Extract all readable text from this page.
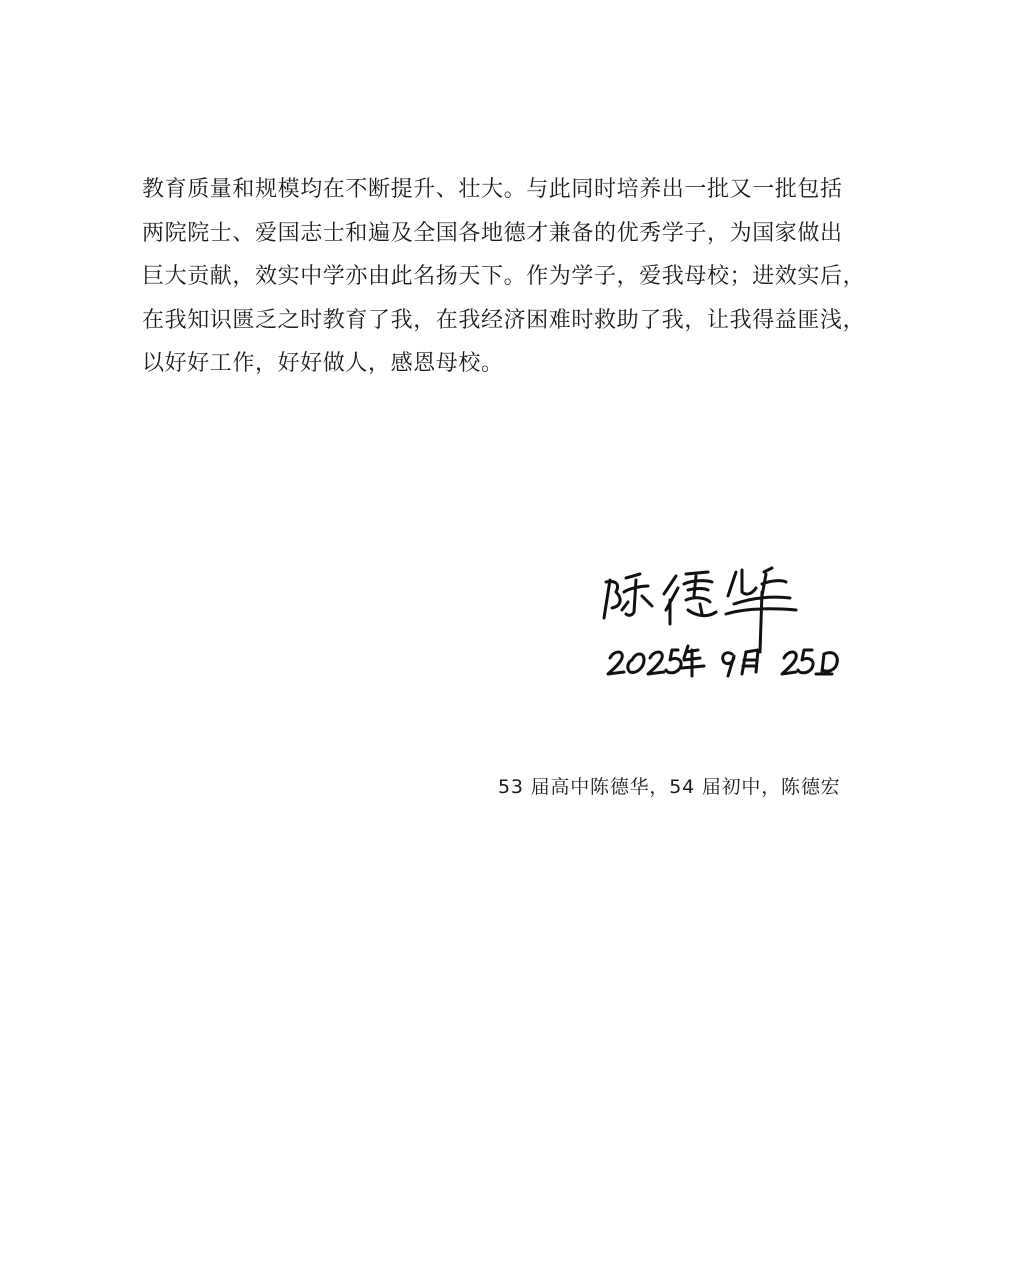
教育质量和规模均在不断提升、壮大。与此同时培养出一批又一批包括
两院院士、爱国志士和遍及全国各地德才兼备的优秀学子，为国家做出
巨大贡献，效实中学亦由此名扬天下。作为学子，爱我母校；进效实后，
在我知识匮乏之时教育了我，在我经济困难时救助了我，让我得益匪浅，
以好好工作，好好做人，感恩母校。
53 届高中陈德华，54 届初中，陈德宏
